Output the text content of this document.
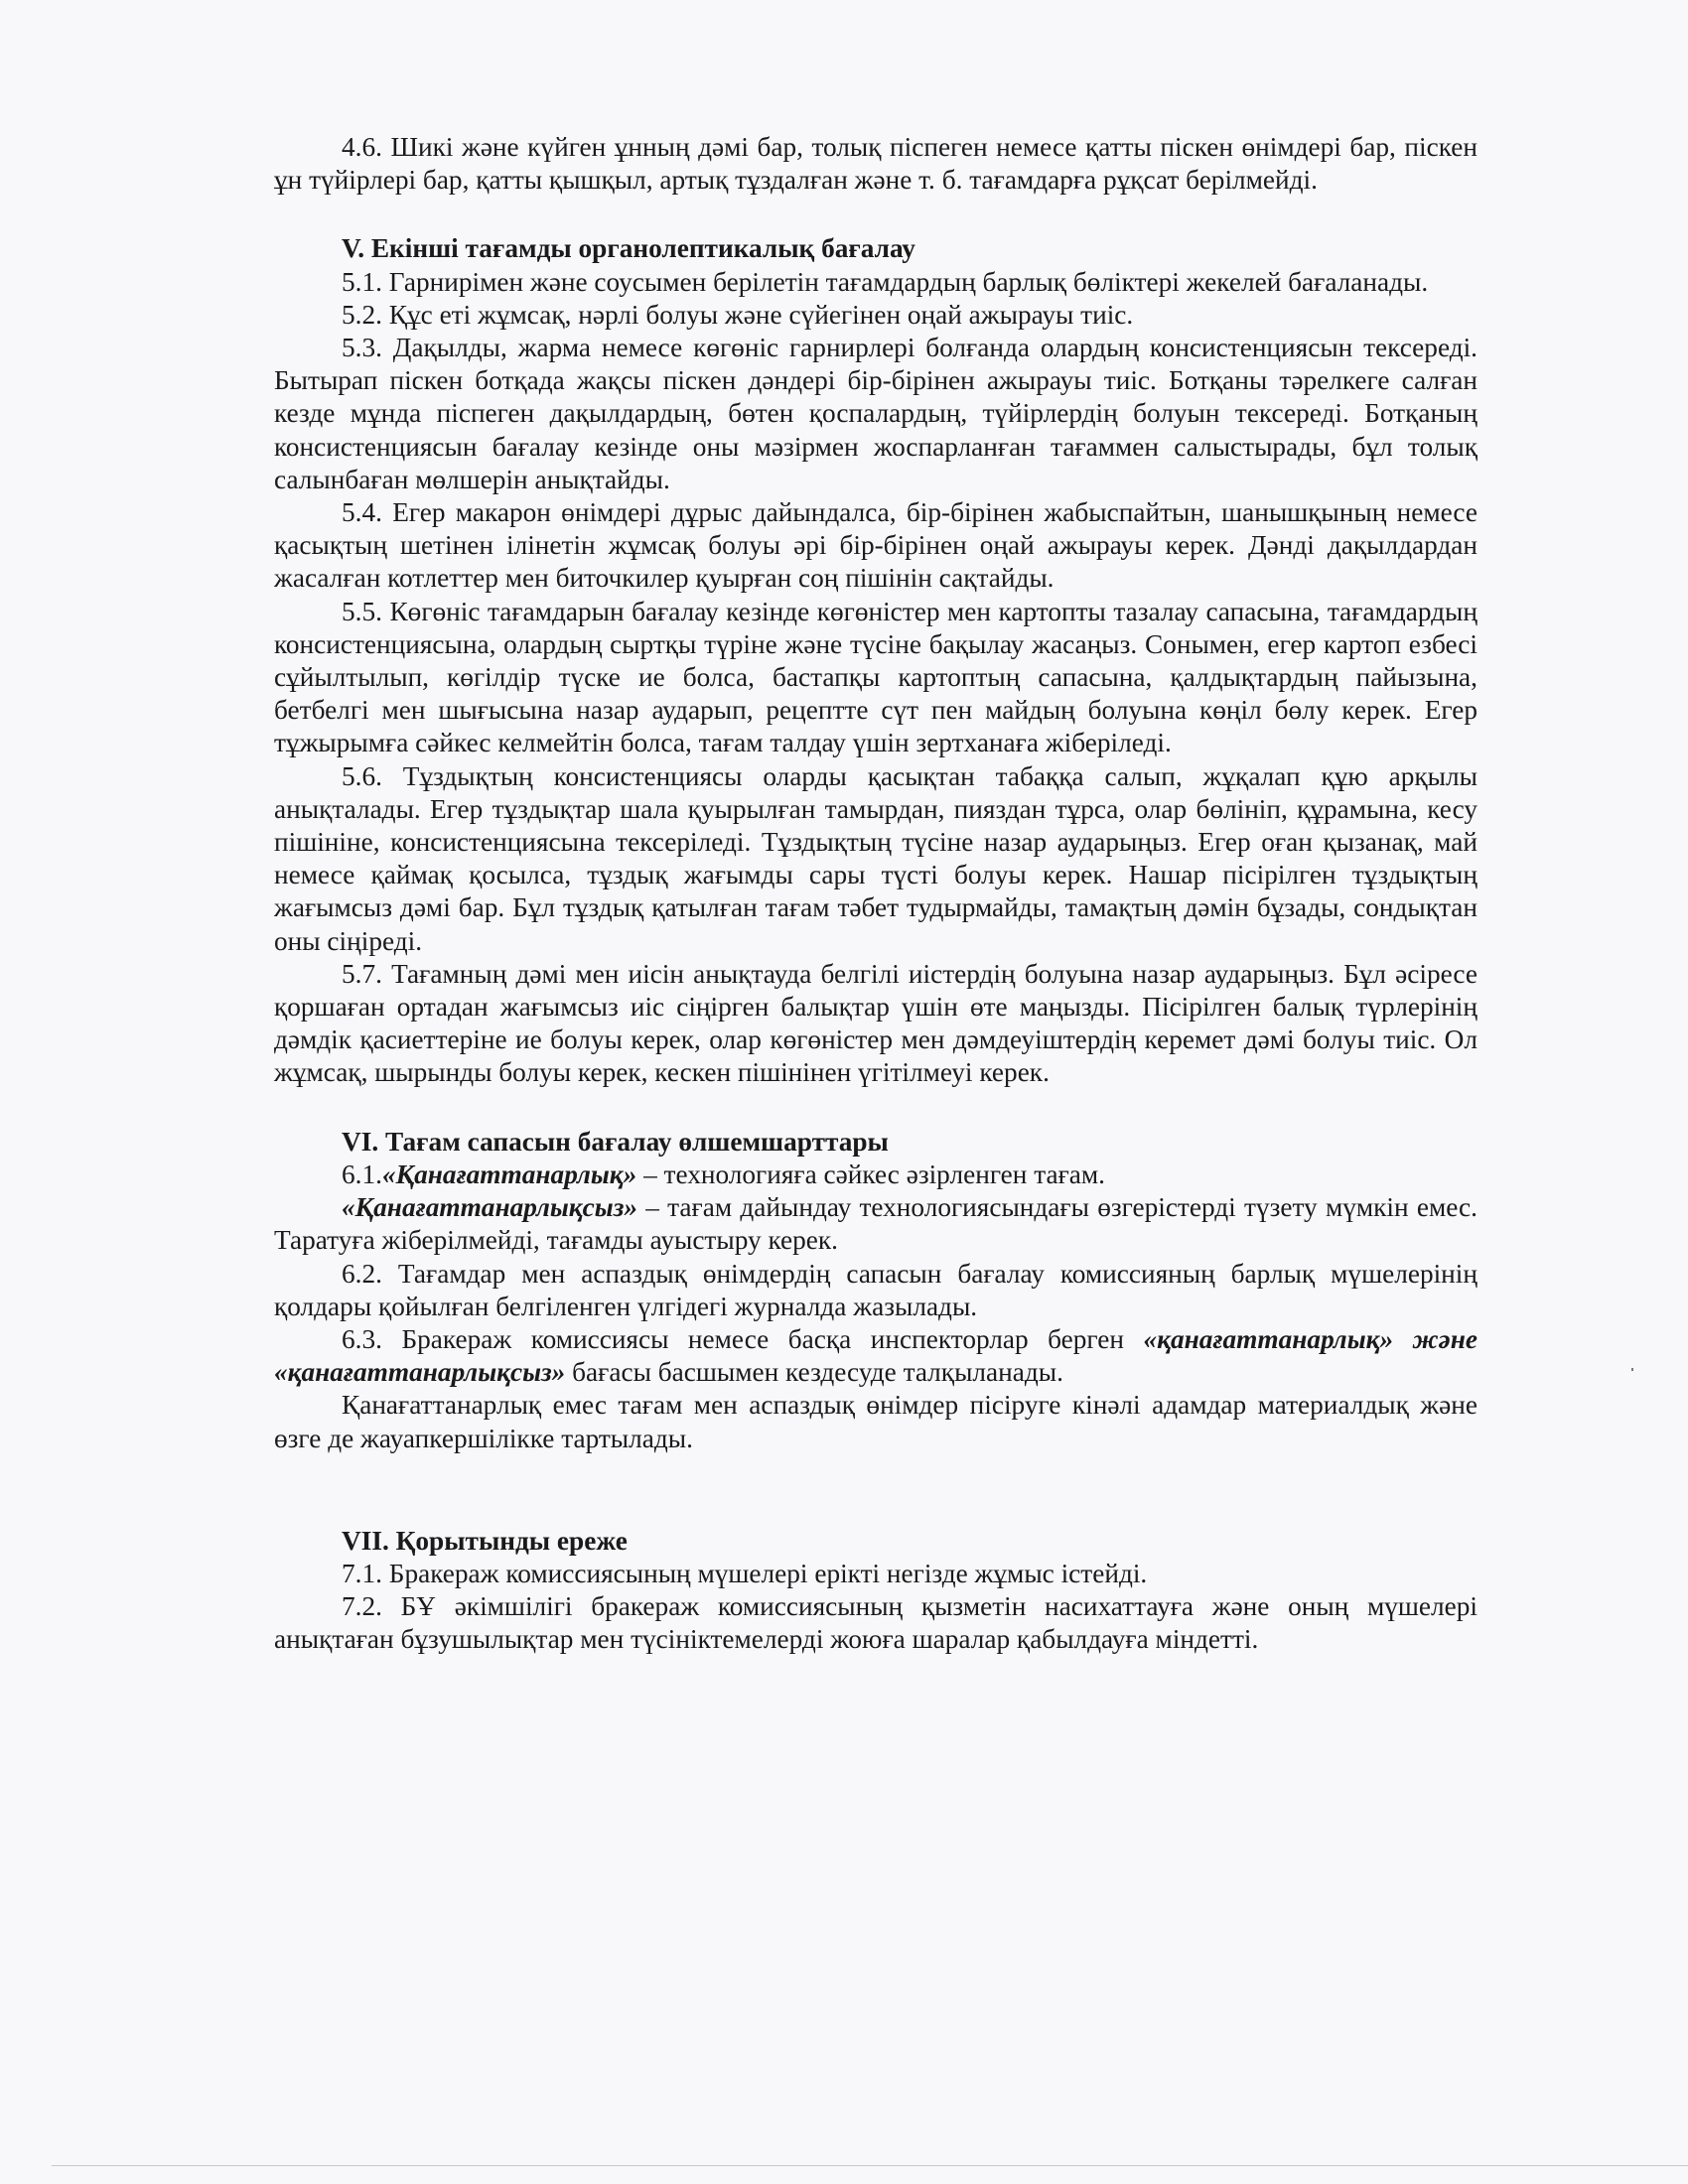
4.6. Шикі және күйген ұнның дәмі бар, толық піспеген немесе қатты піскен өнімдері бар, піскен ұн түйірлері бар, қатты қышқыл, артық тұздалған және т. б. тағамдарға рұқсат берілмейді.

V. Екінші тағамды органолептикалық бағалау

5.1. Гарнирімен және соусымен берілетін тағамдардың барлық бөліктері жекелей бағаланады.

5.2. Құс еті жұмсақ, нәрлі болуы және сүйегінен оңай ажырауы тиіс.

5.3. Дақылды, жарма немесе көгөніс гарнирлері болғанда олардың консистенциясын тексереді. Бытырап піскен ботқада жақсы піскен дәндері бір-бірінен ажырауы тиіс. Ботқаны тәрелкеге салған кезде мұнда піспеген дақылдардың, бөтен қоспалардың, түйірлердің болуын тексереді. Ботқаның консистенциясын бағалау кезінде оны мәзірмен жоспарланған тағаммен салыстырады, бұл толық салынбаған мөлшерін анықтайды.

5.4. Егер макарон өнімдері дұрыс дайындалса, бір-бірінен жабыспайтын, шанышқының немесе қасықтың шетінен ілінетін жұмсақ болуы әрі бір-бірінен оңай ажырауы керек. Дәнді дақылдардан жасалған котлеттер мен биточкилер қуырған соң пішінін сақтайды.

5.5. Көгөніс тағамдарын бағалау кезінде көгөністер мен картопты тазалау сапасына, тағамдардың консистенциясына, олардың сыртқы түріне және түсіне бақылау жасаңыз. Сонымен, егер картоп езбесі сұйылтылып, көгілдір түске ие болса, бастапқы картоптың сапасына, қалдықтардың пайызына, бетбелгі мен шығысына назар аударып, рецептте сүт пен майдың болуына көңіл бөлу керек. Егер тұжырымға сәйкес келмейтін болса, тағам талдау үшін зертханаға жіберіледі.

5.6. Тұздықтың консистенциясы оларды қасықтан табаққа салып, жұқалап құю арқылы анықталады. Егер тұздықтар шала қуырылған тамырдан, пияздан тұрса, олар бөлініп, құрамына, кесу пішініне, консистенциясына тексеріледі. Тұздықтың түсіне назар аударыңыз. Егер оған қызанақ, май немесе қаймақ қосылса, тұздық жағымды сары түсті болуы керек. Нашар пісірілген тұздықтың жағымсыз дәмі бар. Бұл тұздық қатылған тағам тәбет тудырмайды, тамақтың дәмін бұзады, сондықтан оны сіңіреді.

5.7. Тағамның дәмі мен иісін анықтауда белгілі иістердің болуына назар аударыңыз. Бұл әсіресе қоршаған ортадан жағымсыз иіс сіңірген балықтар үшін өте маңызды. Пісірілген балық түрлерінің дәмдік қасиеттеріне ие болуы керек, олар көгөністер мен дәмдеуіштердің керемет дәмі болуы тиіс. Ол жұмсақ, шырынды болуы керек, кескен пішінінен үгітілмеуі керек.

VI. Тағам сапасын бағалау өлшемшарттары

6.1.«Қанағаттанарлық» – технологияға сәйкес әзірленген тағам.

«Қанағаттанарлықсыз» – тағам дайындау технологиясындағы өзгерістерді түзету мүмкін емес. Таратуға жіберілмейді, тағамды ауыстыру керек.

6.2. Тағамдар мен аспаздық өнімдердің сапасын бағалау комиссияның барлық мүшелерінің қолдары қойылған белгіленген үлгідегі журналда жазылады.

6.3. Бракераж комиссиясы немесе басқа инспекторлар берген «қанағаттанарлық» және «қанағаттанарлықсыз» бағасы басшымен кездесуде талқыланады.

Қанағаттанарлық емес тағам мен аспаздық өнімдер пісіруге кінәлі адамдар материалдық және өзге де жауапкершілікке тартылады.

VII. Қорытынды ереже

7.1. Бракераж комиссиясының мүшелері ерікті негізде жұмыс істейді.

7.2. БҰ әкімшілігі бракераж комиссиясының қызметін насихаттауға және оның мүшелері анықтаған бұзушылықтар мен түсініктемелерді жоюға шаралар қабылдауға міндетті.
